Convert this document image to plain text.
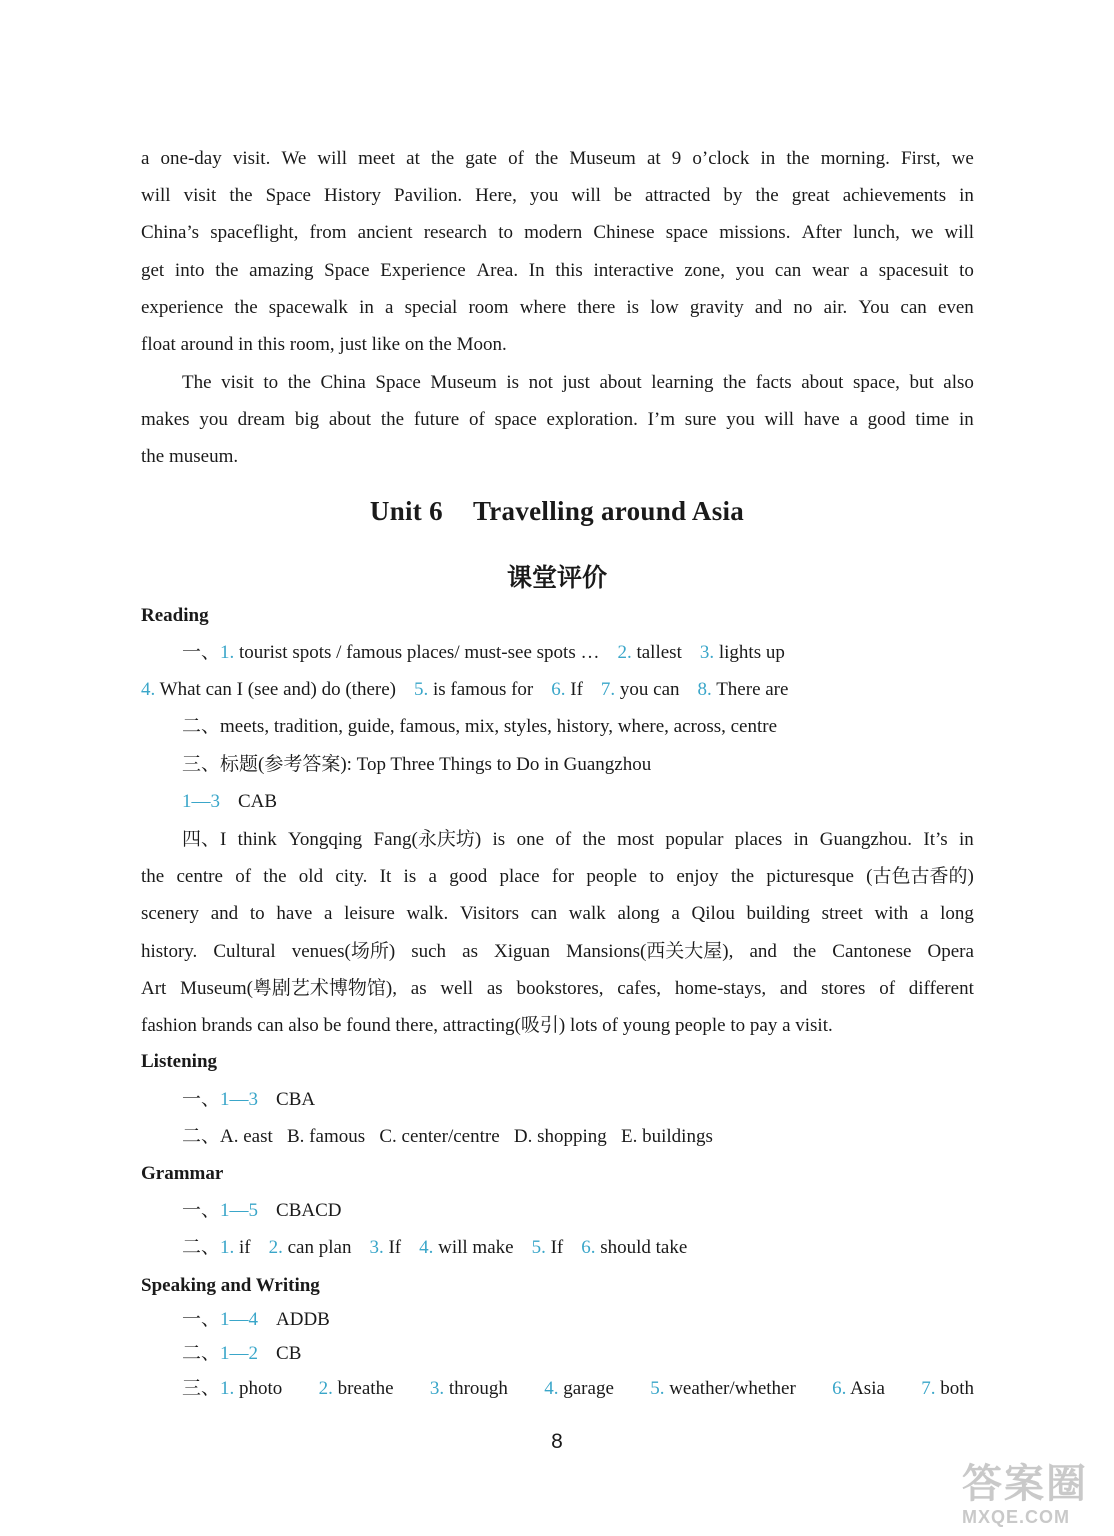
a one-day visit. We will meet at the gate of the Museum at 9 o’clock in the morning. First, we
will visit the Space History Pavilion. Here, you will be attracted by the great achievements in
China’s spaceflight, from ancient research to modern Chinese space missions. After lunch, we will
get into the amazing Space Experience Area. In this interactive zone, you can wear a spacesuit to
experience the spacewalk in a special room where there is low gravity and no air. You can even
float around in this room, just like on the Moon.
The visit to the China Space Museum is not just about learning the facts about space, but also
makes you dream big about the future of space exploration. I’m sure you will have a good time in
the museum.
Unit 6 Travelling around Asia
课堂评价
Reading
一、1. tourist spots / famous places/ must-see spots … 2. tallest 3. lights up
4. What can I (see and) do (there) 5. is famous for 6. If 7. you can 8. There are
二、meets, tradition, guide, famous, mix, styles, history, where, across, centre
三、标题(参考答案): Top Three Things to Do in Guangzhou
1—3 CAB
四、I think Yongqing Fang(永庆坊) is one of the most popular places in Guangzhou. It’s in
the centre of the old city. It is a good place for people to enjoy the picturesque (古色古香的)
scenery and to have a leisure walk. Visitors can walk along a Qilou building street with a long
history. Cultural venues(场所) such as Xiguan Mansions(西关大屋), and the Cantonese Opera
Art Museum(粤剧艺术博物馆), as well as bookstores, cafes, home-stays, and stores of different
fashion brands can also be found there, attracting(吸引) lots of young people to pay a visit.
Listening
一、1—3 CBA
二、A. east   B. famous   C. center/centre   D. shopping   E. buildings
Grammar
一、1—5 CBACD
二、1. if 2. can plan 3. If 4. will make 5. If 6. should take
Speaking and Writing
一、1—4 ADDB
二、1—2 CB
三、1. photo 2. breathe 3. through 4. garage 5. weather/whether 6. Asia 7. both
8
答案圈
MXQE.COM
